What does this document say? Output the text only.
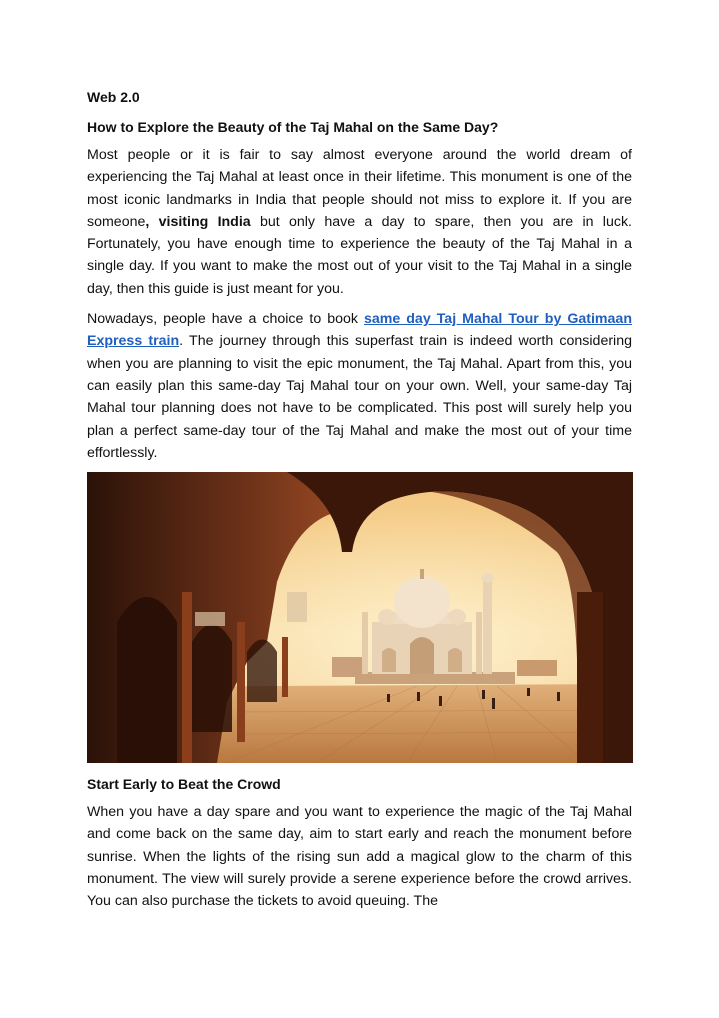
Web 2.0
How to Explore the Beauty of the Taj Mahal on the Same Day?

Most people or it is fair to say almost everyone around the world dream of experiencing the Taj Mahal at least once in their lifetime. This monument is one of the most iconic landmarks in India that people should not miss to explore it. If you are someone, visiting India but only have a day to spare, then you are in luck. Fortunately, you have enough time to experience the beauty of the Taj Mahal in a single day. If you want to make the most out of your visit to the Taj Mahal in a single day, then this guide is just meant for you.

Nowadays, people have a choice to book same day Taj Mahal Tour by Gatimaan Express train. The journey through this superfast train is indeed worth considering when you are planning to visit the epic monument, the Taj Mahal. Apart from this, you can easily plan this same-day Taj Mahal tour on your own. Well, your same-day Taj Mahal tour planning does not have to be complicated. This post will surely help you plan a perfect same-day tour of the Taj Mahal and make the most out of your time effortlessly.

Start Early to Beat the Crowd

When you have a day spare and you want to experience the magic of the Taj Mahal and come back on the same day, aim to start early and reach the monument before sunrise. When the lights of the rising sun add a magical glow to the charm of this monument. The view will surely provide a serene experience before the crowd arrives. You can also purchase the tickets to avoid queuing. The
